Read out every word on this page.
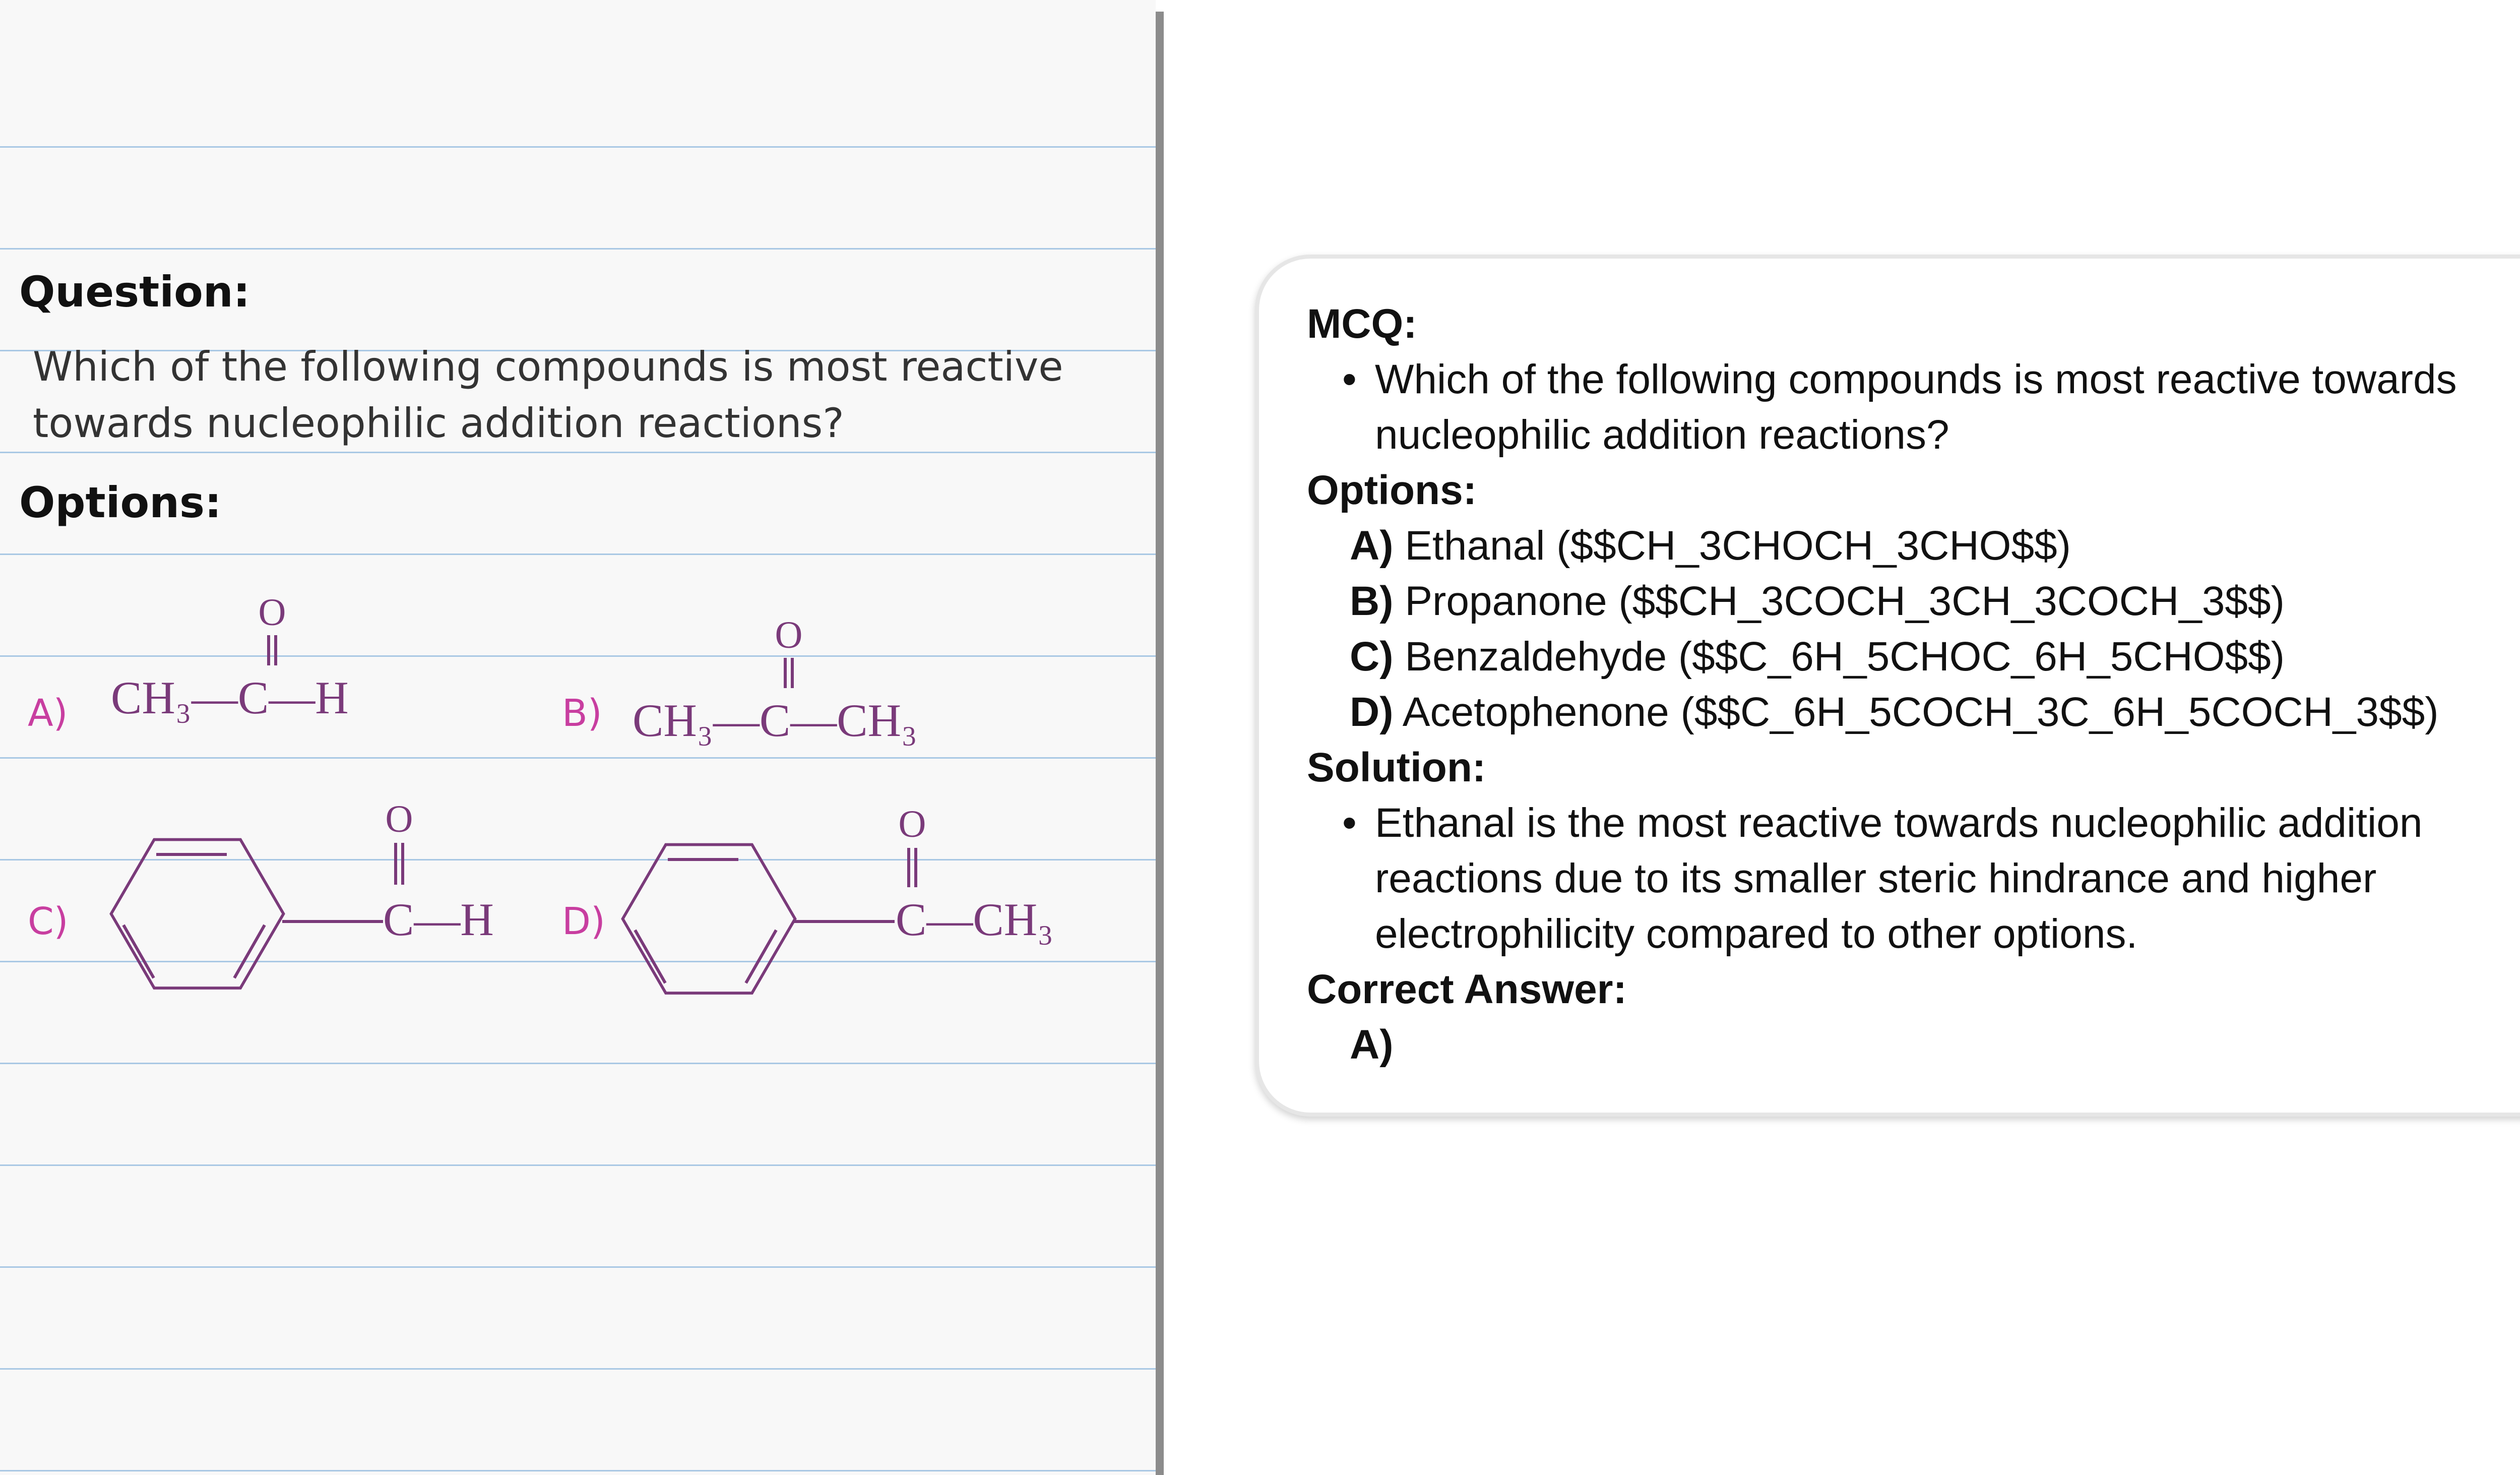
Question:
Which of the following compounds is most reactive towards nucleophilic addition reactions?
Options:
A)	B)
C)	D)
O
CH₃—C—H
O
CH₃—C—CH₃
O
C—H
O
C—CH₃
MCQ:
• Which of the following compounds is most reactive towards nucleophilic addition reactions?
Options:
A) Ethanal ($$CH_3CHOCH_3CHO$$)
B) Propanone ($$CH_3COCH_3CH_3COCH_3$$)
C) Benzaldehyde ($$C_6H_5CHOC_6H_5CHO$$)
D) Acetophenone ($$C_6H_5COCH_3C_6H_5COCH_3$$)
Solution:
• Ethanal is the most reactive towards nucleophilic addition reactions due to its smaller steric hindrance and higher electrophilicity compared to other options.
Correct Answer:
A)
